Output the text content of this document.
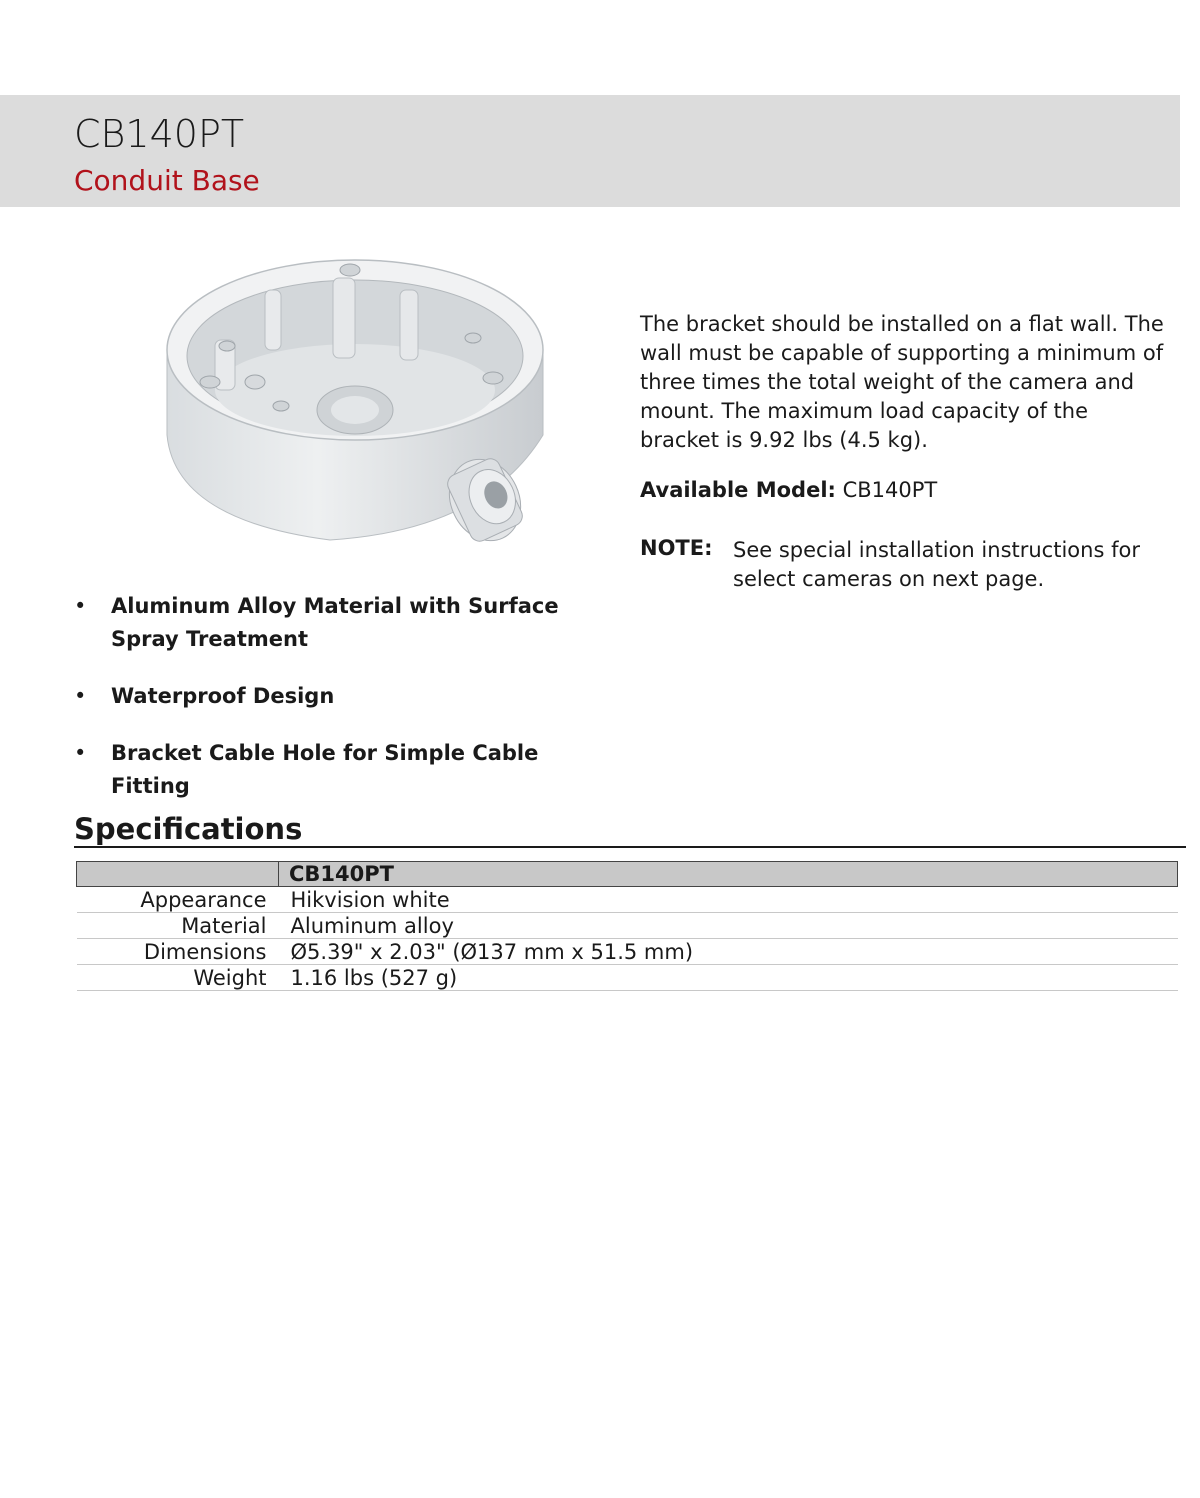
CB140PT
Conduit Base

The bracket should be installed on a flat wall. The wall must be capable of supporting a minimum of three times the total weight of the camera and mount. The maximum load capacity of the bracket is 9.92 lbs (4.5 kg).

Available Model: CB140PT
NOTE: See special installation instructions for select cameras on next page.
• Aluminum Alloy Material with Surface Spray Treatment
• Waterproof Design
• Bracket Cable Hole for Simple Cable Fitting
Specifications
	CB140PT
Appearance	Hikvision white
Material	Aluminum alloy
Dimensions	Ø5.39" x 2.03" (Ø137 mm x 51.5 mm)
Weight	1.16 lbs (527 g)
